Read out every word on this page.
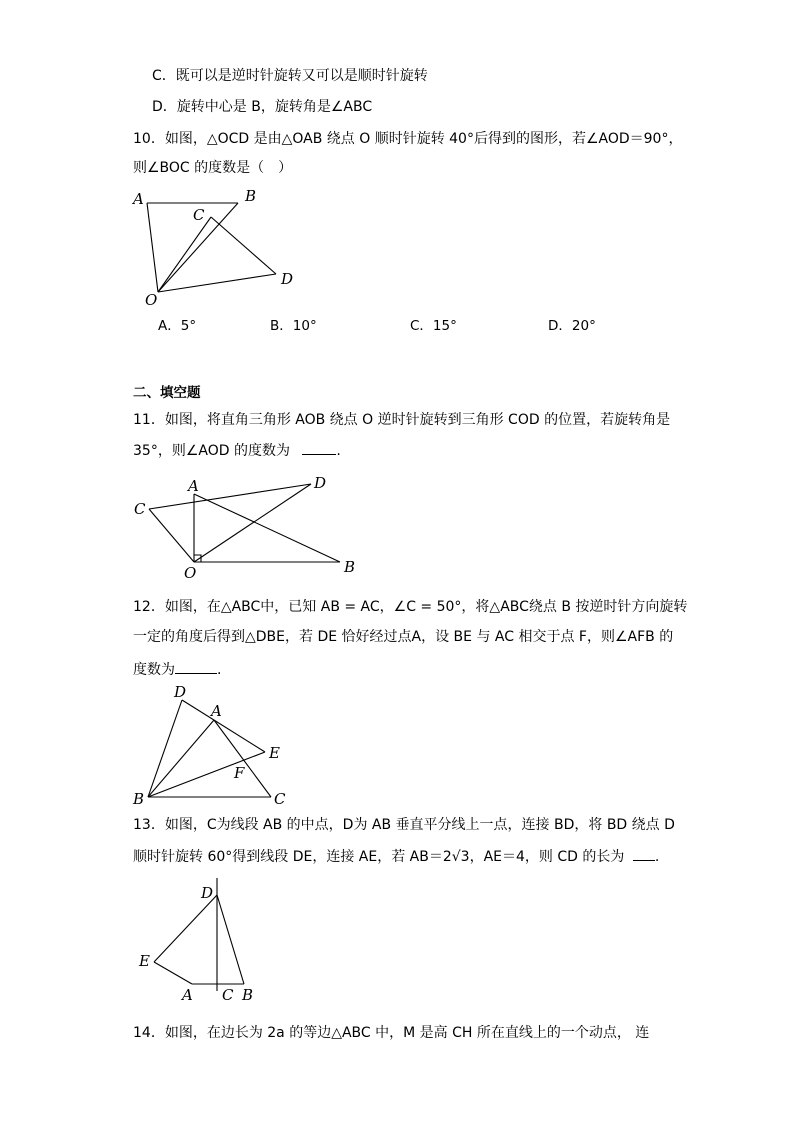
C．既可以是逆时针旋转又可以是顺时针旋转
D．旋转中心是 B，旋转角是∠ABC
10．如图，△OCD 是由△OAB 绕点 O 顺时针旋转 40°后得到的图形，若∠AOD＝90°，
则∠BOC 的度数是（　）
A	B
C
D
O
A．5°	B．10°	C．15°	D．20°
二、填空题
11．如图，将直角三角形 AOB 绕点 O 逆时针旋转到三角形 COD 的位置，若旋转角是
35°，则∠AOD 的度数为	.
A
B
C
D
O
12．如图，在△ABC中，已知 AB = AC，∠C = 50°，将△ABC绕点 B 按逆时针方向旋转
一定的角度后得到△DBE，若 DE 恰好经过点A，设 BE 与 AC 相交于点 F，则∠AFB 的
度数为	.
D
A
E
F
B	C
13．如图，C为线段 AB 的中点，D为 AB 垂直平分线上一点，连接 BD，将 BD 绕点 D
顺时针旋转 60°得到线段 DE，连接 AE，若 AB＝2√3，AE＝4，则 CD 的长为 .
D
E
A C B
14．如图，在边长为 2a 的等边△ABC 中，M 是高 CH 所在直线上的一个动点， 连
